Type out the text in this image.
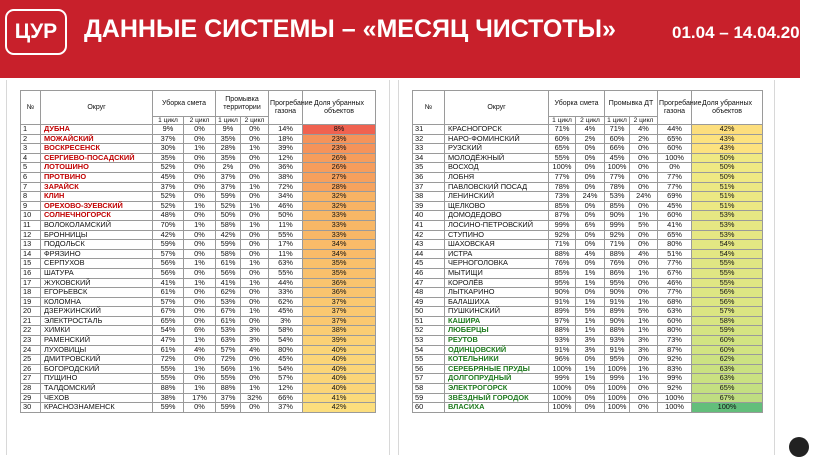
ЦУР	ДАННЫЕ СИСТЕМЫ – «МЕСЯЦ ЧИСТОТЫ»	01.04 – 14.04.2023
№	Округ	Уборка смета		Промывка территории		Прогребание газона	Доля убранных объектов
		1 цикл	2 цикл	1 цикл	2 цикл		
1	ДУБНА	9%	0%	9%	0%	14%	8%
2	МОЖАЙСКИЙ	37%	0%	35%	0%	18%	23%
3	ВОСКРЕСЕНСК	30%	1%	28%	1%	39%	23%
4	СЕРГИЕВО-ПОСАДСКИЙ	35%	0%	35%	0%	12%	26%
5	ЛОТОШИНО	52%	0%	2%	0%	36%	26%
6	ПРОТВИНО	45%	0%	37%	0%	38%	27%
7	ЗАРАЙСК	37%	0%	37%	1%	72%	28%
8	КЛИН	52%	0%	59%	0%	34%	32%
9	ОРЕХОВО-ЗУЕВСКИЙ	52%	1%	52%	1%	46%	32%
10	СОЛНЕЧНОГОРСК	48%	0%	50%	0%	50%	33%
11	ВОЛОКОЛАМСКИЙ	70%	1%	58%	1%	11%	33%
12	БРОННИЦЫ	42%	0%	42%	0%	55%	33%
13	ПОДОЛЬСК	59%	0%	59%	0%	17%	34%
14	ФРЯЗИНО	57%	0%	58%	0%	11%	34%
15	СЕРПУХОВ	56%	1%	61%	1%	63%	35%
16	ШАТУРА	56%	0%	56%	0%	55%	35%
17	ЖУКОВСКИЙ	41%	1%	41%	1%	44%	36%
18	ЕГОРЬЕВСК	61%	0%	62%	0%	33%	36%
19	КОЛОМНА	57%	0%	53%	0%	62%	37%
20	ДЗЕРЖИНСКИЙ	67%	0%	67%	1%	45%	37%
21	ЭЛЕКТРОСТАЛЬ	65%	0%	61%	0%	3%	37%
22	ХИМКИ	54%	6%	53%	3%	58%	38%
23	РАМЕНСКИЙ	47%	1%	63%	3%	54%	39%
24	ЛУХОВИЦЫ	61%	4%	57%	4%	80%	40%
25	ДМИТРОВСКИЙ	72%	0%	72%	0%	45%	40%
26	БОГОРОДСКИЙ	55%	1%	56%	1%	54%	40%
27	ПУЩИНО	55%	0%	55%	0%	57%	40%
28	ТАЛДОМСКИЙ	88%	1%	88%	1%	12%	40%
29	ЧЕХОВ	38%	17%	37%	32%	66%	41%
30	КРАСНОЗНАМЕНСК	59%	0%	59%	0%	37%	42%
№	Округ	Уборка смета		Промывка ДТ		Прогребание газона	Доля убранных объектов
		1 цикл	2 цикл	1 цикл	2 цикл		
31	КРАСНОГОРСК	71%	4%	71%	4%	44%	42%
32	НАРО-ФОМИНСКИЙ	60%	2%	60%	2%	65%	43%
33	РУЗСКИЙ	65%	0%	66%	0%	60%	43%
34	МОЛОДЁЖНЫЙ	55%	0%	45%	0%	100%	50%
35	ВОСХОД	100%	0%	100%	0%	0%	50%
36	ЛОБНЯ	77%	0%	77%	0%	77%	50%
37	ПАВЛОВСКИЙ ПОСАД	78%	0%	78%	0%	77%	51%
38	ЛЕНИНСКИЙ	73%	24%	53%	24%	69%	51%
39	ЩЕЛКОВО	85%	0%	85%	0%	45%	51%
40	ДОМОДЕДОВО	87%	0%	90%	1%	60%	53%
41	ЛОСИНО-ПЕТРОВСКИЙ	99%	6%	99%	5%	41%	53%
42	СТУПИНО	92%	0%	92%	0%	65%	53%
43	ШАХОВСКАЯ	71%	0%	71%	0%	80%	54%
44	ИСТРА	88%	4%	88%	4%	51%	54%
45	ЧЕРНОГОЛОВКА	76%	0%	76%	0%	77%	55%
46	МЫТИЩИ	85%	1%	86%	1%	67%	55%
47	КОРОЛЁВ	95%	1%	95%	0%	46%	55%
48	ЛЫТКАРИНО	90%	0%	90%	0%	77%	56%
49	БАЛАШИХА	91%	1%	91%	1%	68%	56%
50	ПУШКИНСКИЙ	89%	5%	89%	5%	63%	57%
51	КАШИРА	97%	1%	90%	1%	60%	58%
52	ЛЮБЕРЦЫ	88%	1%	88%	1%	80%	59%
53	РЕУТОВ	93%	3%	93%	3%	73%	60%
54	ОДИНЦОВСКИЙ	91%	3%	91%	3%	87%	60%
55	КОТЕЛЬНИКИ	96%	0%	95%	0%	92%	62%
56	СЕРЕБРЯНЫЕ ПРУДЫ	100%	1%	100%	1%	83%	63%
57	ДОЛГОПРУДНЫЙ	99%	1%	99%	1%	99%	63%
58	ЭЛЕКТРОГОРСК	100%	0%	100%	0%	92%	65%
59	ЗВЁЗДНЫЙ ГОРОДОК	100%	0%	100%	0%	100%	67%
60	ВЛАСИХА	100%	0%	100%	0%	100%	100%
